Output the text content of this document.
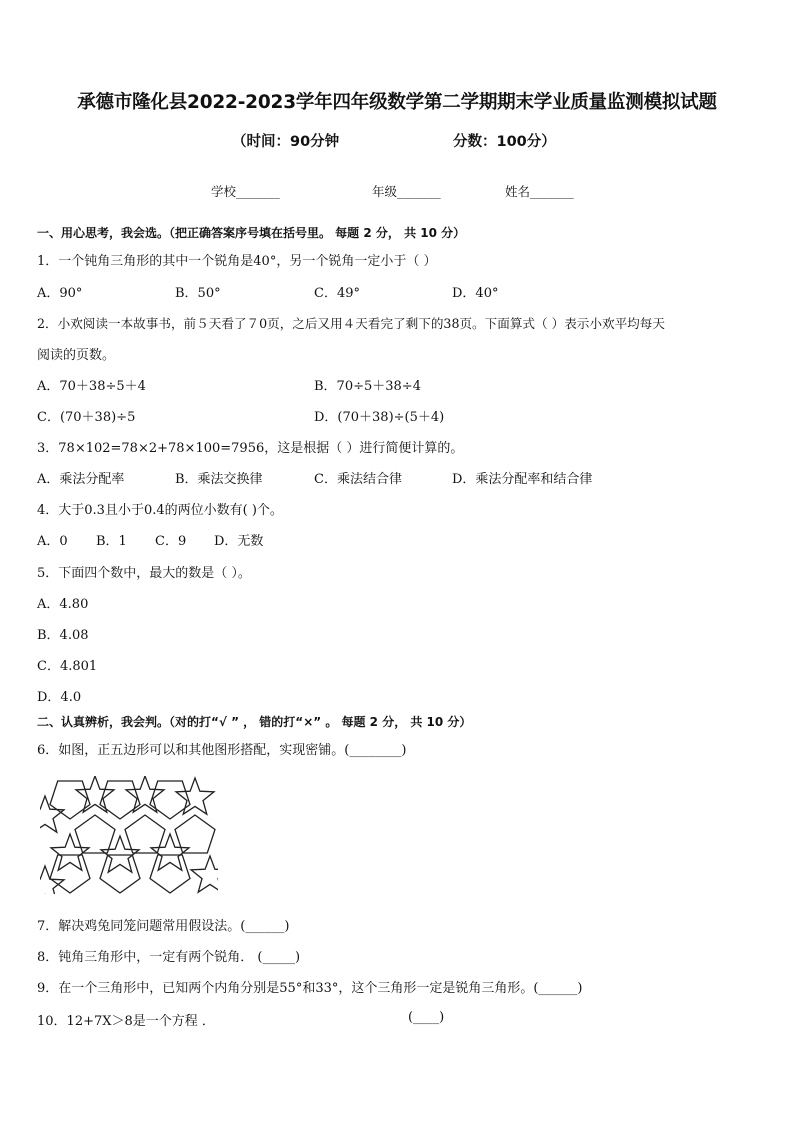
承德市隆化县2022-2023学年四年级数学第二学期期末学业质量监测模拟试题
（时间：90分钟	分数：100分）
学校_______	年级_______	姓名_______
一、用心思考，我会选。（把正确答案序号填在括号里。 每题 2 分， 共 10 分）
1．一个钝角三角形的其中一个锐角是40°，另一个锐角一定小于（ ）
A．90°	B．50°	C．49°	D．40°
2．小欢阅读一本故事书，前５天看了７0页，之后又用４天看完了剩下的38页。下面算式（ ）表示小欢平均每天
阅读的页数。
A．70＋38÷5＋4	B．70÷5＋38÷4
C．(70＋38)÷5	D．(70＋38)÷(5＋4)
3．78×102=78×2+78×100=7956，这是根据（ ）进行简便计算的。
A．乘法分配率	B．乘法交换律	C．乘法结合律	D．乘法分配率和结合律
4．大于0.3且小于0.4的两位小数有( )个。
A．0 B．1 C．9 D．无数
5．下面四个数中，最大的数是（ ）。
A．4.80
B．4.08
C．4.801
D．4.0
二、认真辨析，我会判。（对的打“√ ” ， 错的打“×” 。 每题 2 分， 共 10 分）
6．如图，正五边形可以和其他图形搭配，实现密铺。(________)
7．解决鸡兔同笼问题常用假设法。(______)
8．钝角三角形中，一定有两个锐角． (_____)
9．在一个三角形中，已知两个内角分别是55°和33°，这个三角形一定是锐角三角形。(______)
10．12+7X＞8是一个方程 ．	(____)
